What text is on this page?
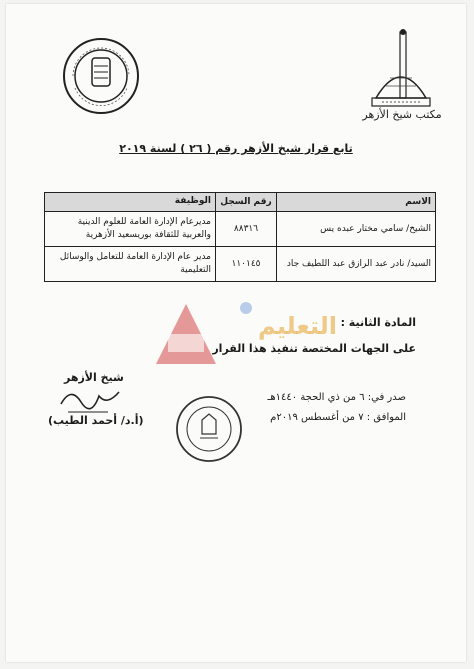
مكتب شيخ الأزهر
تابع قرار شيخ الأزهر رقم ( ٢٦ ) لسنة ٢٠١٩
الاسم	رقم السجل	الوظيفة
الشيخ/ سامي مختار عبده يس	٨٨٣١٦	مديرعام الإدارة العامة للعلوم الدينية والعربية للثقافة بوريسعيد الأزهرية
السيد/ نادر عبد الرازق عبد اللطيف جاد	١١٠١٤٥	مدير عام الإدارة العامة للتعامل والوسائل التعليمية
التعليم المادة الثانية :
على الجهات المختصة تنفيذ هذا القرار
شيخ الأزهر
(أ.د/ أحمد الطيب)
صدر في: ٦ من ذي الحجة ١٤٤٠هـ
الموافق : ٧ من أغسطس ٢٠١٩م
